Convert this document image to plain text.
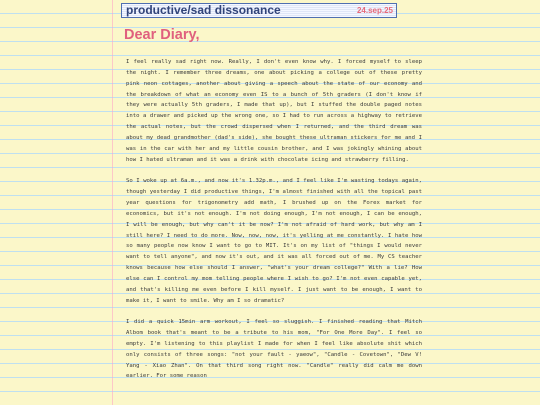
productive/sad dissonance	24.sep.25
Dear Diary,

I feel really sad right now. Really, I don't even know why. I forced myself to sleep the night. I remember three dreams, one about picking a college out of these pretty pink neon cottages, another about giving a speech about the state of our economy and the breakdown of what an economy even IS to a bunch of 5th graders (I don't know if they were actually 5th graders, I made that up), but I stuffed the double paged notes into a drawer and picked up the wrong one, so I had to run across a highway to retrieve the actual notes, but the crowd dispersed when I returned, and the third dream was about my dead grandmother (dad's side), she bought these ultraman stickers for me and I was in the car with her and my little cousin brother, and I was jokingly whining about how I hated ultraman and it was a drink with chocolate icing and strawberry filling.

So I woke up at 6a.m., and now it's 1.32p.m., and I feel like I'm wasting todays again, though yesterday I did productive things, I'm almost finished with all the topical past year questions for trigonometry add math, I brushed up on the Forex market for economics, but it's not enough. I'm not doing enough, I'm not enough, I can be enough, I will be enough, but why can't it be now? I'm not afraid of hard work, but why am I still here? I need to do more. Now, now, now, it's yelling at me constantly. I hate how so many people now know I want to go to MIT. It's on my list of "things I would never want to tell anyone", and now it's out, and it was all forced out of me. My CS teacher knows because how else should I answer, "what's your dream college?" With a lie? How else can I control my mom telling people where I wish to go? I'm not even capable yet, and that's killing me even before I kill myself. I just want to be enough, I want to make it, I want to smile. Why am I so dramatic?

I did a quick 15min arm workout, I feel so sluggish. I finished reading that Mitch Albom book that's meant to be a tribute to his mom, "For One More Day". I feel so empty. I'm listening to this playlist I made for when I feel like absolute shit which only consists of three songs: "not your fault - yaeow", "Candle - Covetown", "Dew V! Yang - Xiao Zhan". On that third song right now. "Candle" really did calm me down earlier. For some reason
